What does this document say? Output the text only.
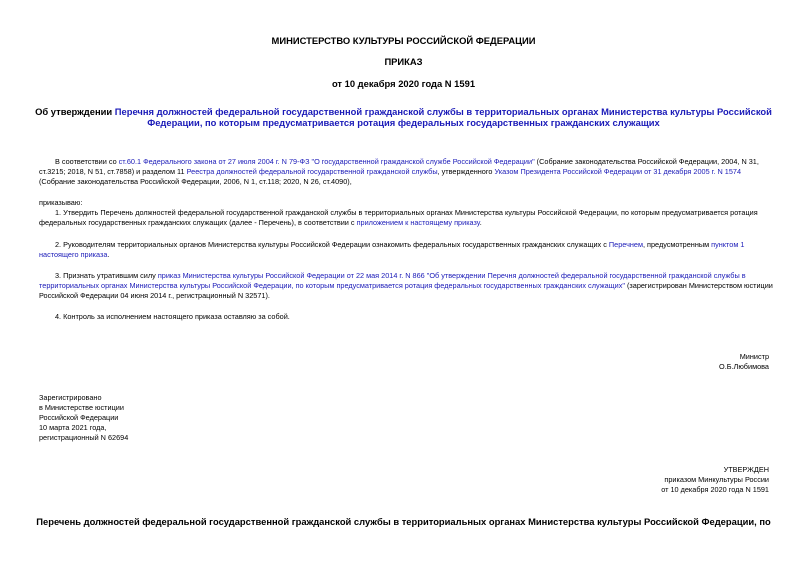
МИНИСТЕРСТВО КУЛЬТУРЫ РОССИЙСКОЙ ФЕДЕРАЦИИ
ПРИКАЗ
от 10 декабря 2020 года N 1591
Об утверждении Перечня должностей федеральной государственной гражданской службы в территориальных органах Министерства культуры Российской
Федерации, по которым предусматривается ротация федеральных государственных гражданских служащих
В соответствии со ст.60.1 Федерального закона от 27 июля 2004 г. N 79-ФЗ "О государственной гражданской службе Российской Федерации" (Собрание законодательства Российской Федерации, 2004, N 31,
ст.3215; 2018, N 51, ст.7858) и разделом 11 Реестра должностей федеральной государственной гражданской службы, утвержденного Указом Президента Российской Федерации от 31 декабря 2005 г. N 1574
(Собрание законодательства Российской Федерации, 2006, N 1, ст.118; 2020, N 26, ст.4090),
приказываю:
1. Утвердить Перечень должностей федеральной государственной гражданской службы в территориальных органах Министерства культуры Российской Федерации, по которым предусматривается ротация
федеральных государственных гражданских служащих (далее - Перечень), в соответствии с приложением к настоящему приказу.
2. Руководителям территориальных органов Министерства культуры Российской Федерации ознакомить федеральных государственных гражданских служащих с Перечнем, предусмотренным пунктом 1
настоящего приказа.
3. Признать утратившим силу приказ Министерства культуры Российской Федерации от 22 мая 2014 г. N 866 "Об утверждении Перечня должностей федеральной государственной гражданской службы в
территориальных органах Министерства культуры Российской Федерации, по которым предусматривается ротация федеральных государственных гражданских служащих" (зарегистрирован Министерством юстиции
Российской Федерации 04 июня 2014 г., регистрационный N 32571).
4. Контроль за исполнением настоящего приказа оставляю за собой.
Министр
О.Б.Любимова
Зарегистрировано
в Министерстве юстиции
Российской Федерации
10 марта 2021 года,
регистрационный N 62694
УТВЕРЖДЕН
приказом Минкультуры России
от 10 декабря 2020 года N 1591
Перечень должностей федеральной государственной гражданской службы в территориальных органах Министерства культуры Российской Федерации, по
